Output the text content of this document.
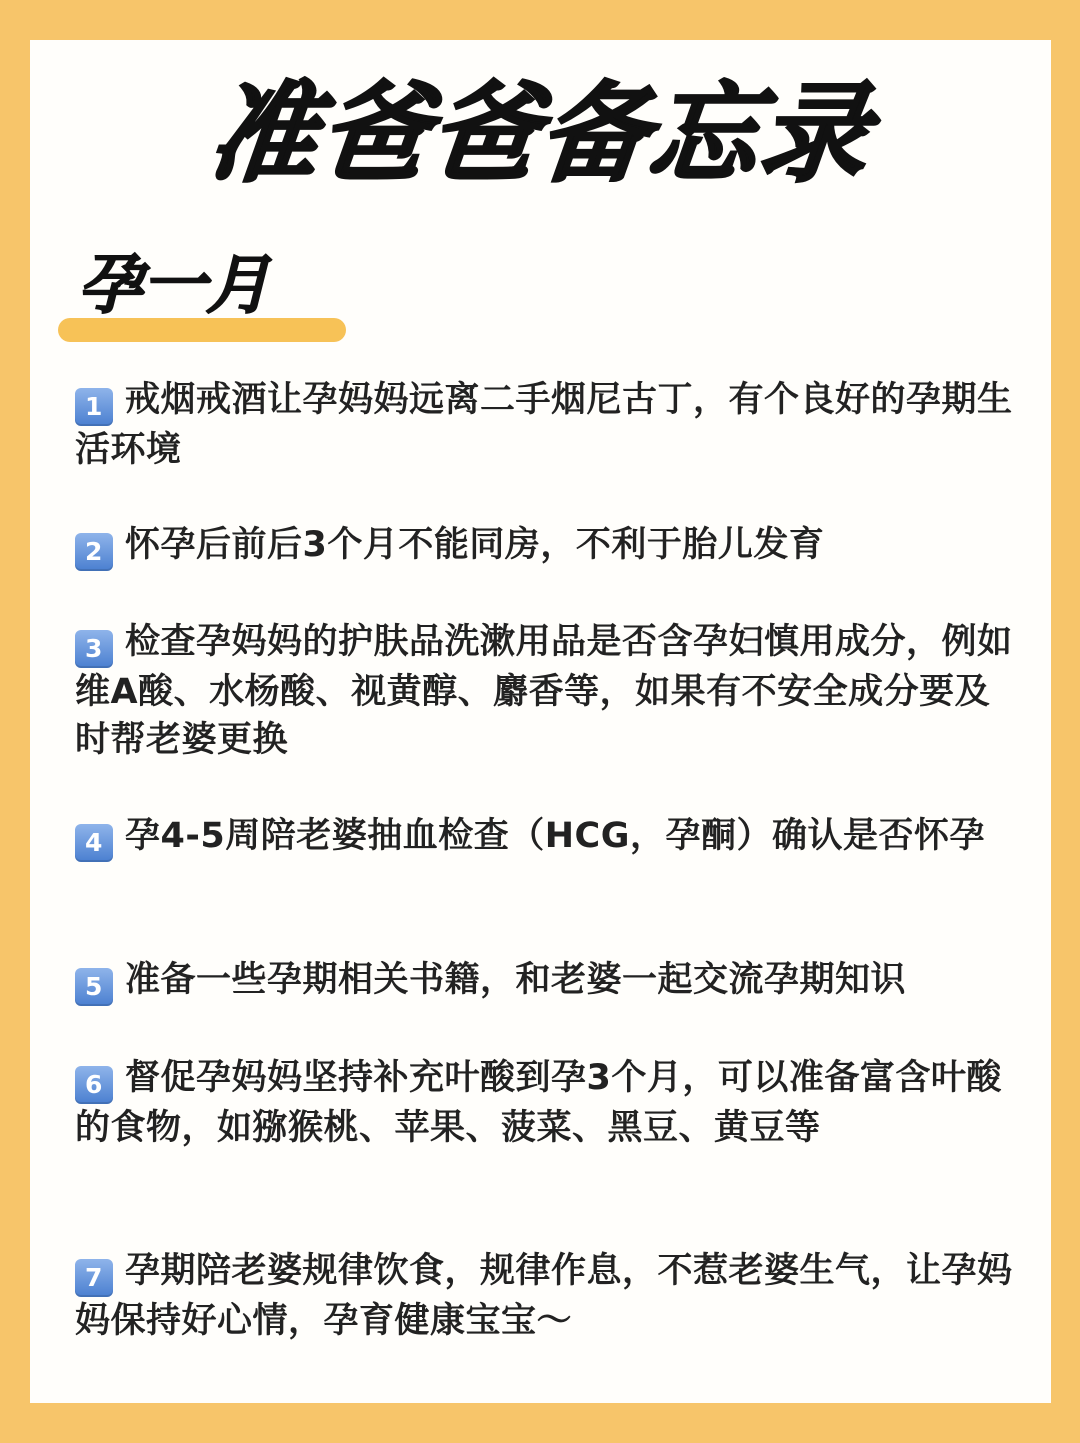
准爸爸备忘录
孕一月
1 戒烟戒酒让孕妈妈远离二手烟尼古丁，有个良好的孕期生活环境
2 怀孕后前后3个月不能同房，不利于胎儿发育
3 检查孕妈妈的护肤品洗漱用品是否含孕妇慎用成分，例如维A酸、水杨酸、视黄醇、麝香等，如果有不安全成分要及时帮老婆更换
4 孕4-5周陪老婆抽血检查（HCG，孕酮）确认是否怀孕
5 准备一些孕期相关书籍，和老婆一起交流孕期知识
6 督促孕妈妈坚持补充叶酸到孕3个月，可以准备富含叶酸的食物，如猕猴桃、苹果、菠菜、黑豆、黄豆等
7 孕期陪老婆规律饮食，规律作息，不惹老婆生气，让孕妈妈保持好心情，孕育健康宝宝～
